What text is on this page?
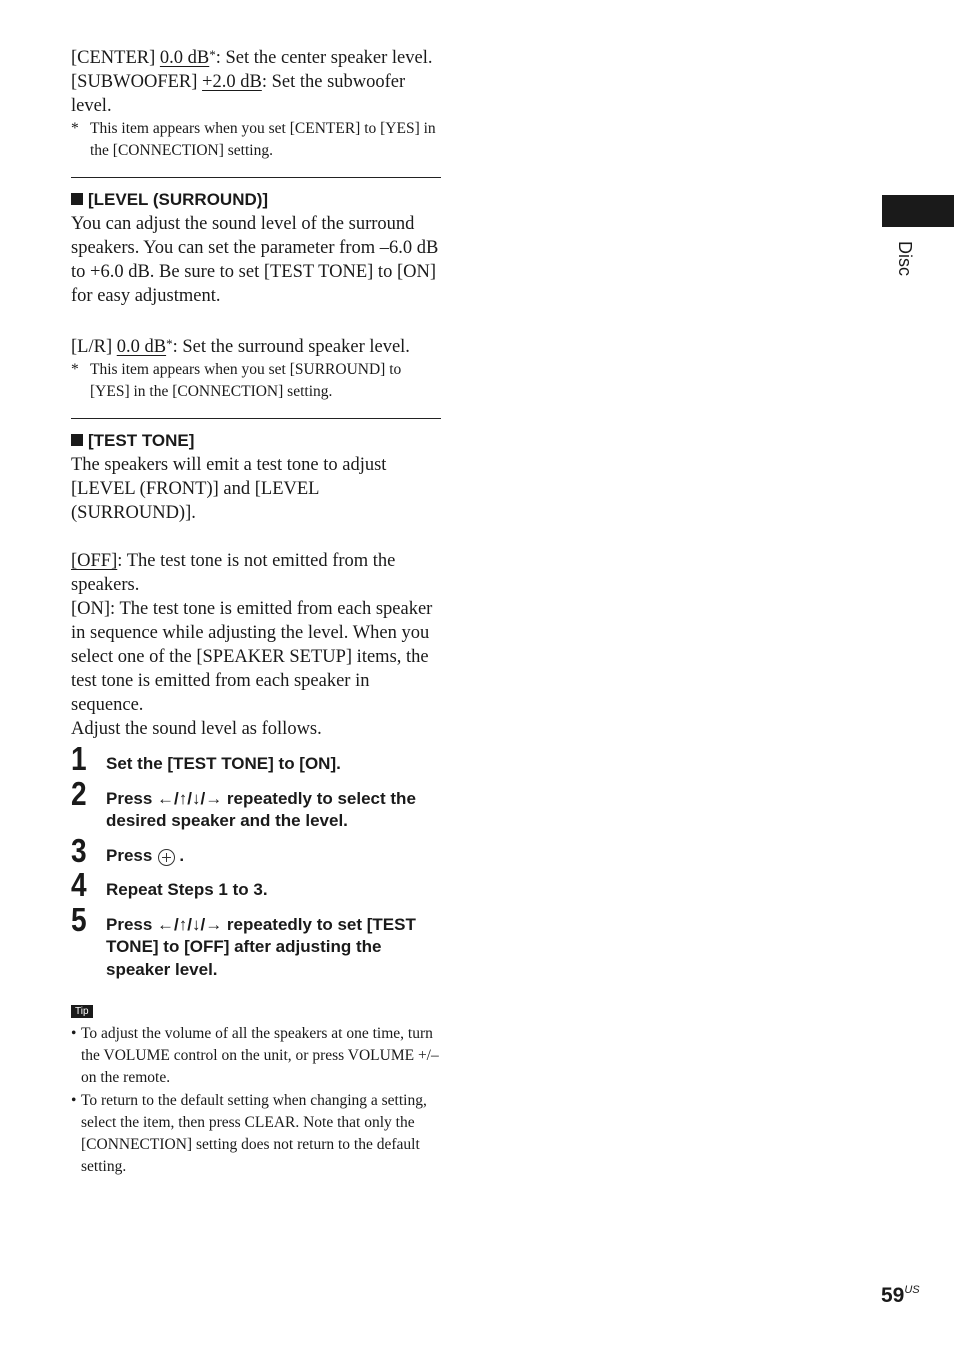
[CENTER] 0.0 dB*: Set the center speaker level.

[SUBWOOFER] +2.0 dB: Set the subwoofer level.

* This item appears when you set [CENTER] to [YES] in the [CONNECTION] setting.

[LEVEL (SURROUND)]

You can adjust the sound level of the surround speakers. You can set the parameter from –6.0 dB to +6.0 dB. Be sure to set [TEST TONE] to [ON] for easy adjustment.

[L/R] 0.0 dB*: Set the surround speaker level.

* This item appears when you set [SURROUND] to [YES] in the [CONNECTION] setting.

[TEST TONE]

The speakers will emit a test tone to adjust [LEVEL (FRONT)] and [LEVEL (SURROUND)].

[OFF]: The test tone is not emitted from the speakers.

[ON]: The test tone is emitted from each speaker in sequence while adjusting the level. When you select one of the [SPEAKER SETUP] items, the test tone is emitted from each speaker in sequence.

Adjust the sound level as follows.

1 Set the [TEST TONE] to [ON].
2 Press ←/↑/↓/→ repeatedly to select the desired speaker and the level.
3 Press .
4 Repeat Steps 1 to 3.
5 Press ←/↑/↓/→ repeatedly to set [TEST TONE] to [OFF] after adjusting the speaker level.
Tip

• To adjust the volume of all the speakers at one time, turn the VOLUME control on the unit, or press VOLUME +/– on the remote.

• To return to the default setting when changing a setting, select the item, then press CLEAR. Note that only the [CONNECTION] setting does not return to the default setting.

Disc
$59^{US}$
